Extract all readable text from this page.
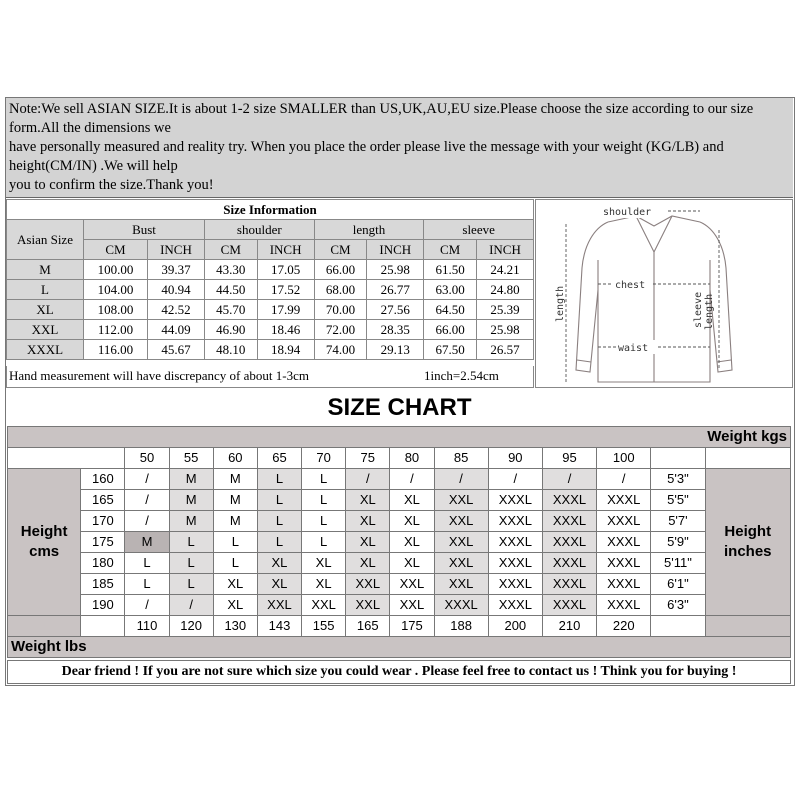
Note:We sell ASIAN SIZE.It is about 1-2 size SMALLER than US,UK,AU,EU size.Please choose the size according to our size
form.All the dimensions we
have personally measured and reality try. When you place the order please live the message with your weight (KG/LB) and
height(CM/IN) .We will help
you to confirm the size.Thank you!
Size Information								
Asian Size	Bust		shoulder		length		sleeve	
	CM	INCH	CM	INCH	CM	INCH	CM	INCH
M	100.00	39.37	43.30	17.05	66.00	25.98	61.50	24.21
L	104.00	40.94	44.50	17.52	68.00	26.77	63.00	24.80
XL	108.00	42.52	45.70	17.99	70.00	27.56	64.50	25.39
XXL	112.00	44.09	46.90	18.46	72.00	28.35	66.00	25.98
XXXL	116.00	45.67	48.10	18.94	74.00	29.13	67.50	26.57
Hand measurement will have discrepancy of about 1-3cm	1inch=2.54cm
shoulder
chest
waist
length	sleeve length
SIZE CHART
Weight kgs														
		50	55	60	65	70	75	80	85	90	95	100		
Height
cms	160	/	M	M	L	L	/	/	/	/	/	/	5'3"	Height
inches
	165	/	M	M	L	L	XL	XL	XXL	XXXL	XXXL	XXXL	5'5"	
	170	/	M	M	L	L	XL	XL	XXL	XXXL	XXXL	XXXL	5'7'	
	175	M	L	L	L	L	XL	XL	XXL	XXXL	XXXL	XXXL	5'9"	
	180	L	L	L	XL	XL	XL	XL	XXL	XXXL	XXXL	XXXL	5'11"	
	185	L	L	XL	XL	XL	XXL	XXL	XXL	XXXL	XXXL	XXXL	6'1"	
	190	/	/	XL	XXL	XXL	XXL	XXL	XXXL	XXXL	XXXL	XXXL	6'3"	
		110	120	130	143	155	165	175	188	200	210	220		
Weight lbs														
Dear friend ! If you are not sure which size you could wear . Please feel free to contact us ! Think you for buying !
